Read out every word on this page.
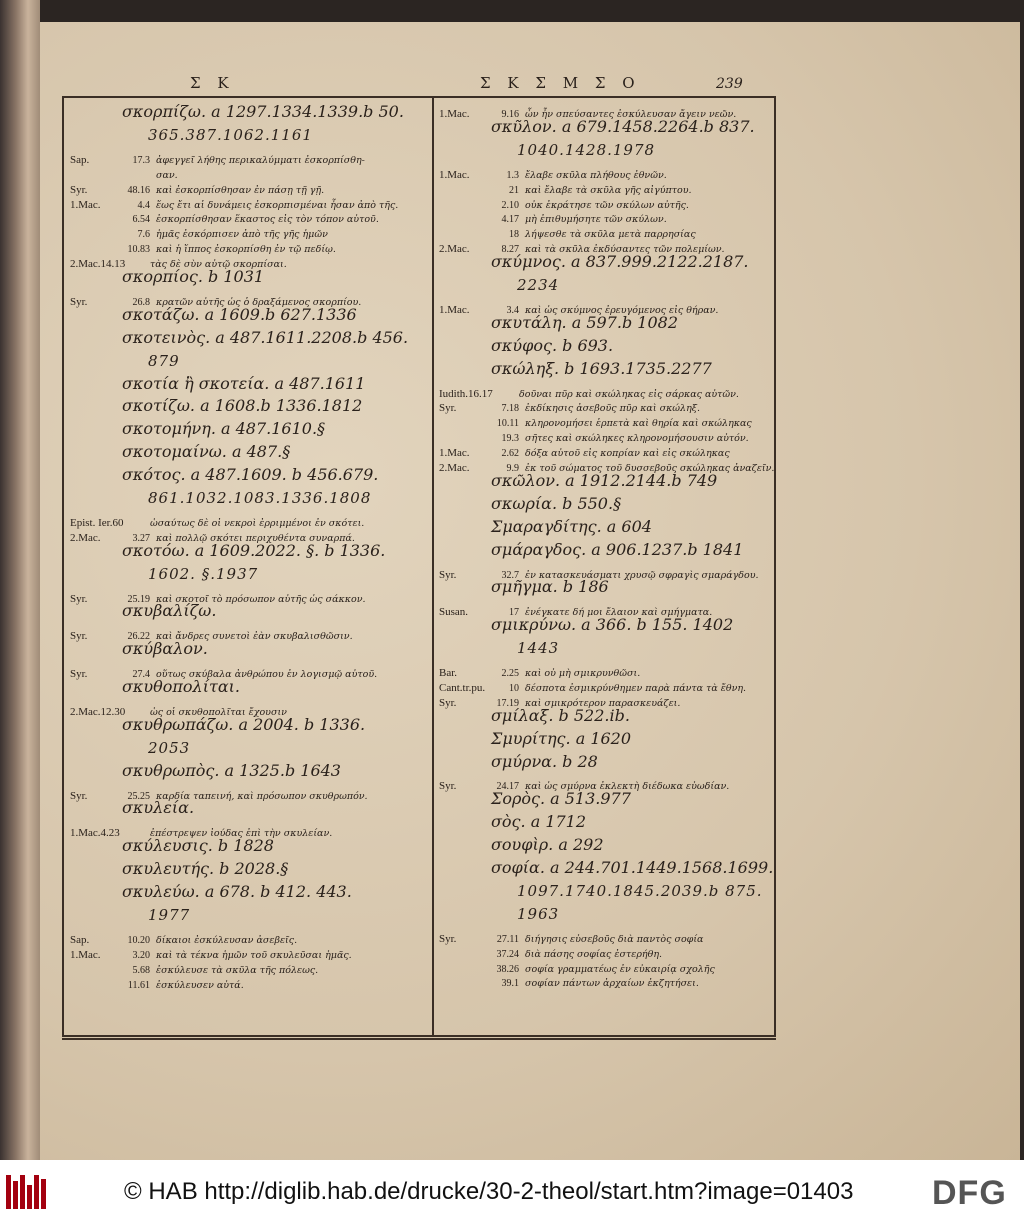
Σ Κ	Σ Κ Σ Μ Σ Ο	239
σκορπίζω. a 1297.1334.1339.b 50.
365.387.1062.1161
Sap.	17.3 ἀφεγγεῖ λήθης περικαλύμματι ἐσκορπίσθη-
σαν.
Syr.	48.16 καὶ ἐσκορπίσθησαν ἐν πάσῃ τῇ γῇ.
1.Mac.	4.4 ἕως ἔτι αἱ δυνάμεις ἐσκορπισμέναι ἦσαν ἀπὸ τῆς.
6.54 ἐσκορπίσθησαν ἕκαστος εἰς τὸν τόπον αὐτοῦ.
7.6 ἡμᾶς ἐσκόρπισεν ἀπὸ τῆς γῆς ἡμῶν
10.83 καὶ ἡ ἵππος ἐσκορπίσθη ἐν τῷ πεδίῳ.
2.Mac.14.13	τὰς δὲ σὺν αὐτῷ σκορπίσαι.
σκορπίος. b 1031
Syr.	26.8 κρατῶν αὐτῆς ὡς ὁ δραξάμενος σκορπίου.
σκοτάζω. a 1609.b 627.1336
σκοτεινὸς. a 487.1611.2208.b 456.
879
σκοτία ἢ σκοτεία. a 487.1611
σκοτίζω. a 1608.b 1336.1812
σκοτομήνη. a 487.1610.§
σκοτομαίνω. a 487.§
σκότος. a 487.1609. b 456.679.
861.1032.1083.1336.1808
Epist. Ier.60	ὡσαύτως δὲ οἱ νεκροὶ ἐρριμμένοι ἐν σκότει.
2.Mac.	3.27 καὶ πολλῷ σκότει περιχυθέντα συναρπά.
σκοτόω. a 1609.2022. §. b 1336.
1602. §.1937
Syr.	25.19 καὶ σκοτοῖ τὸ πρόσωπον αὐτῆς ὡς σάκκον.
σκυβαλίζω.
Syr.	26.22 καὶ ἄνδρες συνετοὶ ἐὰν σκυβαλισθῶσιν.
σκύβαλον.
Syr.	27.4 οὕτως σκύβαλα ἀνθρώπου ἐν λογισμῷ αὐτοῦ.
σκυθοπολίται.
2.Mac.12.30	ὡς οἱ σκυθοπολῖται ἔχουσιν
σκυθρωπάζω. a 2004. b 1336.
2053
σκυθρωπὸς. a 1325.b 1643
Syr.	25.25 καρδία ταπεινή, καὶ πρόσωπον σκυθρωπόν.
σκυλεία.
1.Mac.4.23	ἐπέστρεψεν ἰούδας ἐπὶ τὴν σκυλείαν.
σκύλευσις. b 1828
σκυλευτής. b 2028.§
σκυλεύω. a 678. b 412. 443.
1977
Sap.	10.20 δίκαιοι ἐσκύλευσαν ἀσεβεῖς.
1.Mac.	3.20 καὶ τὰ τέκνα ἡμῶν τοῦ σκυλεῦσαι ἡμᾶς.
5.68 ἐσκύλευσε τὰ σκῦλα τῆς πόλεως.
11.61 ἐσκύλευσεν αὐτά.
1.Mac.	9.16 ὧν ἦν σπεύσαντες ἐσκύλευσαν ἄγειν νεῶν.
σκῦλον. a 679.1458.2264.b 837.
1040.1428.1978
1.Mac.	1.3 ἔλαβε σκῦλα πλήθους ἐθνῶν.
21 καὶ ἔλαβε τὰ σκῦλα γῆς αἰγύπτου.
2.10 οὐκ ἐκράτησε τῶν σκύλων αὐτῆς.
4.17 μὴ ἐπιθυμήσητε τῶν σκύλων.
18 λήψεσθε τὰ σκῦλα μετὰ παρρησίας
2.Mac.	8.27 καὶ τὰ σκῦλα ἐκδύσαντες τῶν πολεμίων.
σκύμνος. a 837.999.2122.2187.
2234
1.Mac.	3.4 καὶ ὡς σκύμνος ἐρευγόμενος εἰς θήραν.
σκυτάλη. a 597.b 1082
σκύφος. b 693.
σκώληξ. b 1693.1735.2277
Iudith.16.17	δοῦναι πῦρ καὶ σκώληκας εἰς σάρκας αὐτῶν.
Syr.	7.18 ἐκδίκησις ἀσεβοῦς πῦρ καὶ σκώληξ.
10.11 κληρονομήσει ἑρπετὰ καὶ θηρία καὶ σκώληκας
19.3 σῆτες καὶ σκώληκες κληρονομήσουσιν αὐτόν.
1.Mac.	2.62 δόξα αὐτοῦ εἰς κοπρίαν καὶ εἰς σκώληκας
2.Mac.	9.9 ἐκ τοῦ σώματος τοῦ δυσσεβοῦς σκώληκας ἀναζεῖν.
σκῶλον. a 1912.2144.b 749
σκωρία. b 550.§
Σμαραγδίτης. a 604
σμάραγδος. a 906.1237.b 1841
Syr.	32.7 ἐν κατασκευάσματι χρυσῷ σφραγὶς σμαράγδου.
σμῆγμα. b 186
Susan.	17 ἐνέγκατε δή μοι ἔλαιον καὶ σμήγματα.
σμικρύνω. a 366. b 155. 1402
1443
Bar.	2.25 καὶ οὐ μὴ σμικρυνθῶσι.
Cant.tr.pu. 10 δέσποτα ἐσμικρύνθημεν παρὰ πάντα τὰ ἔθνη.
Syr.	17.19 καὶ σμικρότερον παρασκευάζει.
σμίλαξ. b 522.ib.
Σμυρίτης. a 1620
σμύρνα. b 28
Syr.	24.17 καὶ ὡς σμύρνα ἐκλεκτὴ διέδωκα εὐωδίαν.
Σορὸς. a 513.977
σὸς. a 1712
σουφὶρ. a 292
σοφία. a 244.701.1449.1568.1699.
1097.1740.1845.2039.b 875.
1963
Syr.	27.11 διήγησις εὐσεβοῦς διὰ παντὸς σοφία
37.24 διὰ πάσης σοφίας ἐστερήθη.
38.26 σοφία γραμματέως ἐν εὐκαιρίᾳ σχολῆς
39.1 σοφίαν πάντων ἀρχαίων ἐκζητήσει.
© HAB http://diglib.hab.de/drucke/30-2-theol/start.htm?image=01403 DFG
